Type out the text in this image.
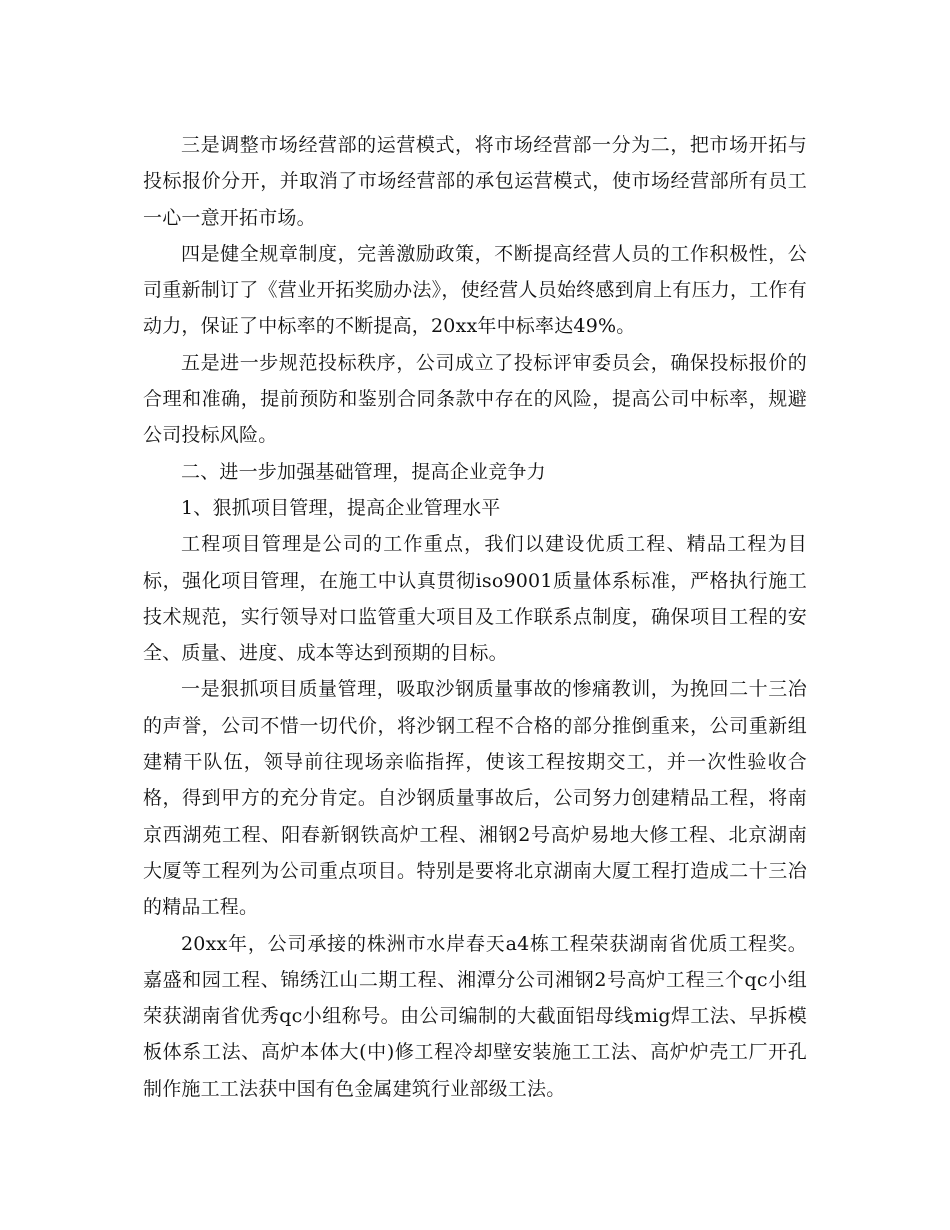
三是调整市场经营部的运营模式，将市场经营部一分为二，把市场开拓与投标报价分开，并取消了市场经营部的承包运营模式，使市场经营部所有员工一心一意开拓市场。

四是健全规章制度，完善激励政策，不断提高经营人员的工作积极性，公司重新制订了《营业开拓奖励办法》，使经营人员始终感到肩上有压力，工作有动力，保证了中标率的不断提高，20xx年中标率达49%。

五是进一步规范投标秩序，公司成立了投标评审委员会，确保投标报价的合理和准确，提前预防和鉴别合同条款中存在的风险，提高公司中标率，规避公司投标风险。

二、进一步加强基础管理，提高企业竞争力

1、狠抓项目管理，提高企业管理水平

工程项目管理是公司的工作重点，我们以建设优质工程、精品工程为目标，强化项目管理，在施工中认真贯彻iso9001质量体系标准，严格执行施工技术规范，实行领导对口监管重大项目及工作联系点制度，确保项目工程的安全、质量、进度、成本等达到预期的目标。

一是狠抓项目质量管理，吸取沙钢质量事故的惨痛教训，为挽回二十三冶的声誉，公司不惜一切代价，将沙钢工程不合格的部分推倒重来，公司重新组建精干队伍，领导前往现场亲临指挥，使该工程按期交工，并一次性验收合格，得到甲方的充分肯定。自沙钢质量事故后，公司努力创建精品工程，将南京西湖苑工程、阳春新钢铁高炉工程、湘钢2号高炉易地大修工程、北京湖南大厦等工程列为公司重点项目。特别是要将北京湖南大厦工程打造成二十三冶的精品工程。

20xx年，公司承接的株洲市水岸春天a4栋工程荣获湖南省优质工程奖。嘉盛和园工程、锦绣江山二期工程、湘潭分公司湘钢2号高炉工程三个qc小组荣获湖南省优秀qc小组称号。由公司编制的大截面铝母线mig焊工法、早拆模板体系工法、高炉本体大(中)修工程冷却壁安装施工工法、高炉炉壳工厂开孔制作施工工法获中国有色金属建筑行业部级工法。
